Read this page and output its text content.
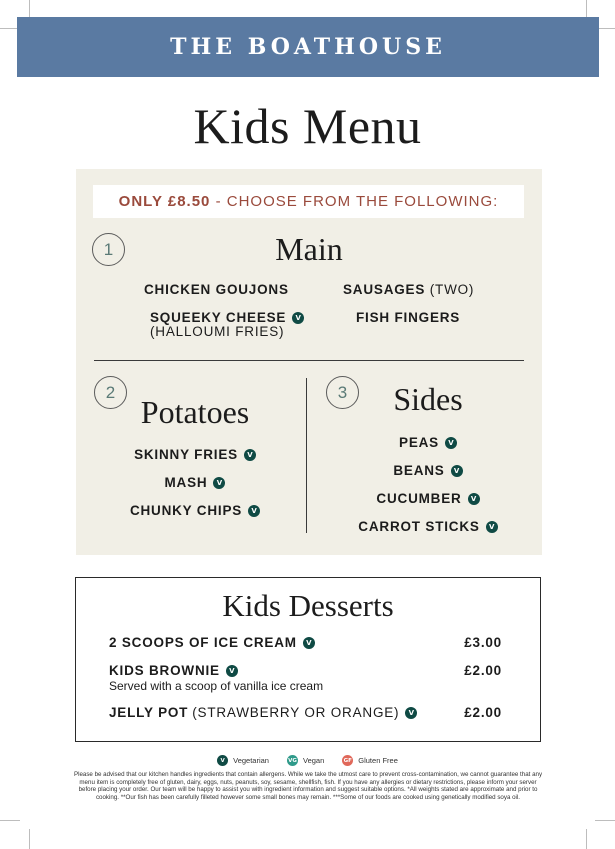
THE BOATHOUSE
Kids Menu
ONLY £8.50 - CHOOSE FROM THE FOLLOWING:
1	Main
CHICKEN GOUJONS	SAUSAGES (TWO)
SQUEEKY CHEESE	V
(HALLOUMI FRIES)
FISH FINGERS
2
Potatoes
SKINNY FRIES	V
MASH	V
CHUNKY CHIPS	V
3	Sides
PEAS	V
BEANS	V
CUCUMBER	V
CARROT STICKS	V
Kids Desserts
2 SCOOPS OF ICE CREAM	V	£3.00
KIDS BROWNIE	V	£2.00
Served with a scoop of vanilla ice cream
JELLY POT (STRAWBERRY OR ORANGE)	V	£2.00
V	Vegetarian	VG Vegan	GF Gluten Free
Please be advised that our kitchen handles ingredients that contain allergens. While we take the utmost care to prevent cross-contamination, we cannot guarantee that any menu item is completely free of gluten, dairy, eggs, nuts, peanuts, soy, sesame, shellfish, fish. If you have any allergies or dietary restrictions, please inform your server before placing your order. Our team will be happy to assist you with ingredient information and suggest suitable options. *All weights stated are approximate and prior to cooking. **Our fish has been carefully filleted however some small bones may remain. ***Some of our foods are cooked using genetically modified soya oil.
